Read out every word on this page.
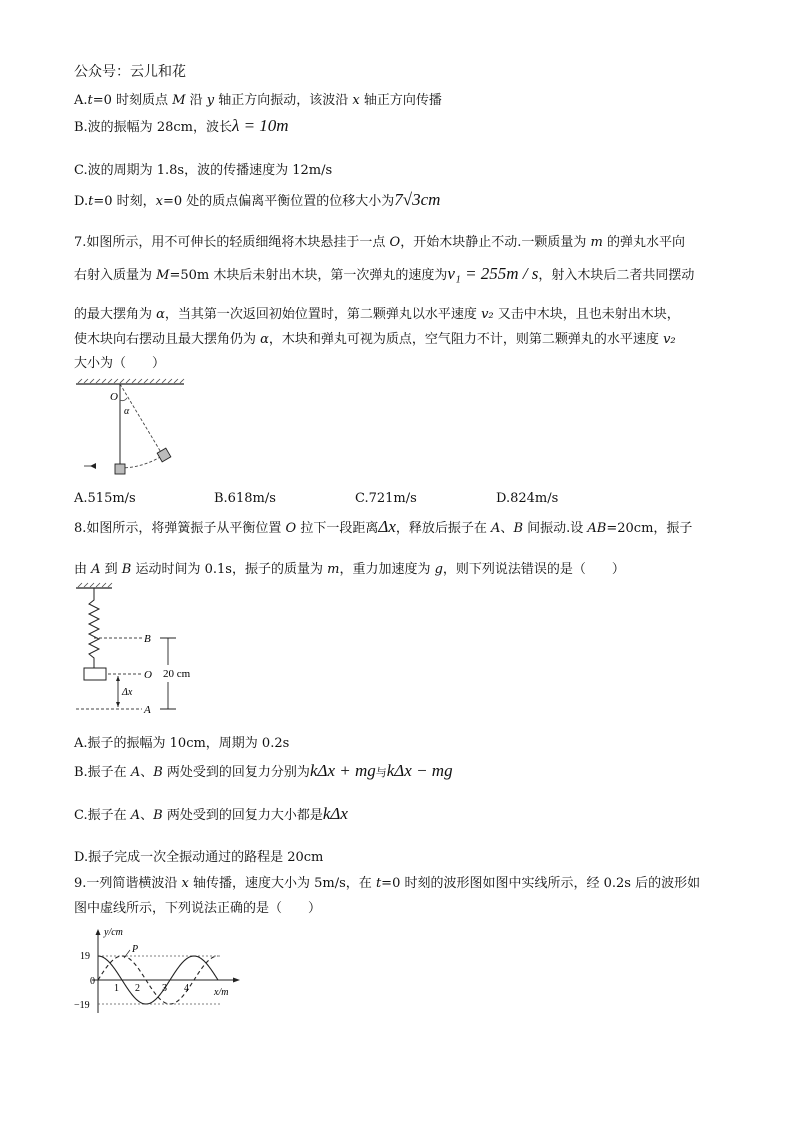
公众号：云儿和花
A.t=0 时刻质点 M 沿 y 轴正方向振动，该波沿 x 轴正方向传播
B.波的振幅为 28cm，波长λ = 10m
C.波的周期为 1.8s，波的传播速度为 12m/s
D.t=0 时刻，x=0 处的质点偏离平衡位置的位移大小为7√3cm
7.如图所示，用不可伸长的轻质细绳将木块悬挂于一点 O，开始木块静止不动.一颗质量为 m 的弹丸水平向
右射入质量为 M=50m 木块后未射出木块，第一次弹丸的速度为v₁ = 255m / s，射入木块后二者共同摆动
的最大摆角为 α，当其第一次返回初始位置时，第二颗弹丸以水平速度 v₂ 又击中木块，且也未射出木块，
使木块向右摆动且最大摆角仍为 α，木块和弹丸可视为质点，空气阻力不计，则第二颗弹丸的水平速度 v₂
大小为（　　）
O
α
A.515m/s	B.618m/s	C.721m/s	D.824m/s
8.如图所示，将弹簧振子从平衡位置 O 拉下一段距离Δx，释放后振子在 A、B 间振动.设 AB=20cm，振子
由 A 到 B 运动时间为 0.1s，振子的质量为 m，重力加速度为 g，则下列说法错误的是（　　）
B
O
A
Δx
20 cm
A.振子的振幅为 10cm，周期为 0.2s
B.振子在 A、B 两处受到的回复力分别为kΔx + mg与kΔx − mg
C.振子在 A、B 两处受到的回复力大小都是kΔx
D.振子完成一次全振动通过的路程是 20cm
9.一列简谐横波沿 x 轴传播，速度大小为 5m/s，在 t=0 时刻的波形图如图中实线所示，经 0.2s 后的波形如
图中虚线所示，下列说法正确的是（　　）
y/cm
x/m
0
P
19
−19
1 2 3 4
